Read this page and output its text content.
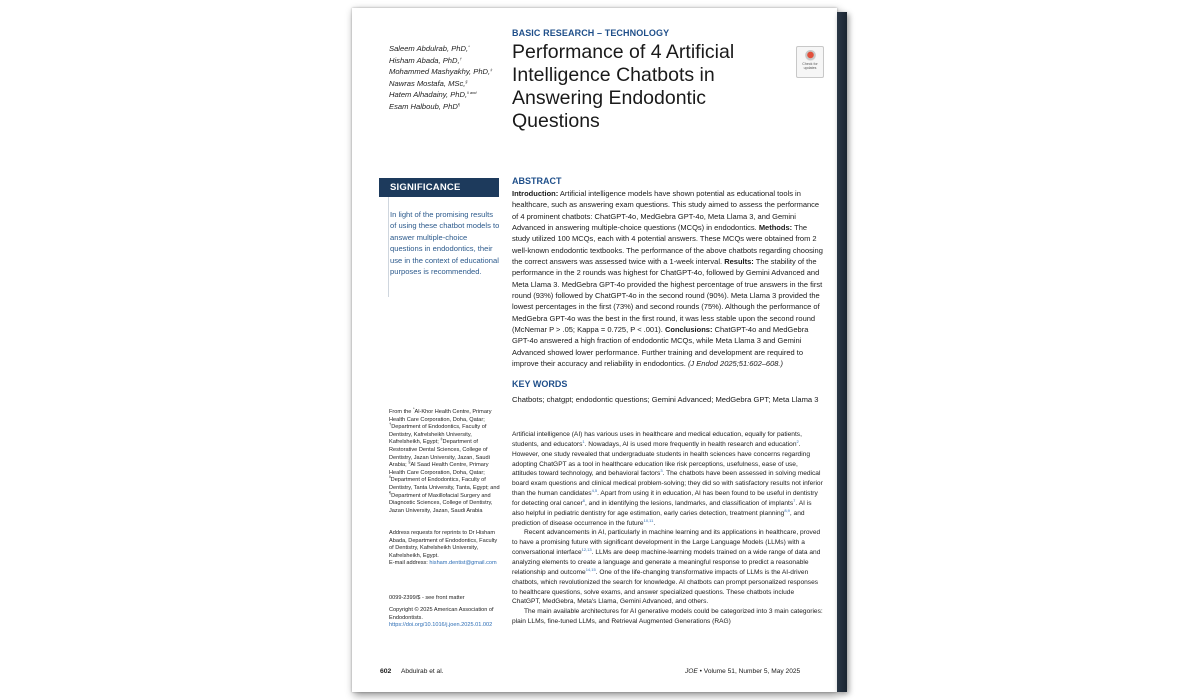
BASIC RESEARCH – TECHNOLOGY
Performance of 4 Artificial Intelligence Chatbots in Answering Endodontic Questions
Saleem Abdulrab, PhD,*
Hisham Abada, PhD,†
Mohammed Mashyakhy, PhD,‡
Nawras Mostafa, MSc,§
Hatem Alhadainy, PhD,$^{‖ and}$
Esam Halboub, PhD¶
Check for updates
SIGNIFICANCE
In light of the promising results of using these chatbot models to answer multiple-choice questions in endodontics, their use in the context of educational purposes is recommended.
ABSTRACT
Introduction: Artificial intelligence models have shown potential as educational tools in healthcare, such as answering exam questions. This study aimed to assess the performance of 4 prominent chatbots: ChatGPT-4o, MedGebra GPT-4o, Meta Llama 3, and Gemini Advanced in answering multiple-choice questions (MCQs) in endodontics. Methods: The study utilized 100 MCQs, each with 4 potential answers. These MCQs were obtained from 2 well-known endodontic textbooks. The performance of the above chatbots regarding choosing the correct answers was assessed twice with a 1-week interval. Results: The stability of the performance in the 2 rounds was highest for ChatGPT-4o, followed by Gemini Advanced and Meta Llama 3. MedGebra GPT-4o provided the highest percentage of true answers in the first round (93%) followed by ChatGPT-4o in the second round (90%). Meta Llama 3 provided the lowest percentages in the first (73%) and second rounds (75%). Although the performance of MedGebra GPT-4o was the best in the first round, it was less stable upon the second round (McNemar P > .05; Kappa = 0.725, P < .001). Conclusions: ChatGPT-4o and MedGebra GPT-4o answered a high fraction of endodontic MCQs, while Meta Llama 3 and Gemini Advanced showed lower performance. Further training and development are required to improve their accuracy and reliability in endodontics. (J Endod 2025;51:602–608.)
KEY WORDS
Chatbots; chatgpt; endodontic questions; Gemini Advanced; MedGebra GPT; Meta Llama 3
From the *Al-Khor Health Centre, Primary Health Care Corporation, Doha, Qatar; †Department of Endodontics, Faculty of Dentistry, Kafrelsheikh University, Kafrelsheikh, Egypt; ‡Department of Restorative Dental Sciences, College of Dentistry, Jazan University, Jazan, Saudi Arabia; §Al Saad Health Centre, Primary Health Care Corporation, Doha, Qatar; ‖Department of Endodontics, Faculty of Dentistry, Tanta University, Tanta, Egypt; and ¶Department of Maxillofacial Surgery and Diagnostic Sciences, College of Dentistry, Jazan University, Jazan, Saudi Arabia
Address requests for reprints to Dr Hisham Abada, Department of Endodontics, Faculty of Dentistry, Kafrelsheikh University, Kafrelsheikh, Egypt.
E-mail address: hisham.dentist@gmail.com
0099-2399/$ - see front matter
Copyright © 2025 American Association of Endodontists.
https://doi.org/10.1016/j.joen.2025.01.002

Artificial intelligence (AI) has various uses in healthcare and medical education, equally for patients, students, and educators$^1$. Nowadays, AI is used more frequently in health research and education$^2$. However, one study revealed that undergraduate students in health sciences have concerns regarding adopting ChatGPT as a tool in healthcare education like risk perceptions, usefulness, ease of use, attitudes toward technology, and behavioral factors$^3$. The chatbots have been assessed in solving medical board exam questions and clinical medical problem-solving; they did so with satisfactory results not inferior than the human candidates$^{4,5}$. Apart from using it in education, AI has been found to be useful in dentistry for detecting oral cancer$^6$, and in identifying the lesions, landmarks, and classification of implants$^7$. AI is also helpful in pediatric dentistry for age estimation, early caries detection, treatment planning$^{8,9}$, and prediction of disease occurrence in the future$^{10,11}$.

Recent advancements in AI, particularly in machine learning and its applications in healthcare, proved to have a promising future with significant development in the Large Language Models (LLMs) with a conversational interface$^{12,13}$. LLMs are deep machine-learning models trained on a wide range of data and analyzing elements to create a language and generate a meaningful response to predict a reasonable relationship and outcome$^{14,15}$. One of the life-changing transformative impacts of LLMs is the AI-driven chatbots, which revolutionized the search for knowledge. AI chatbots can prompt personalized responses to healthcare questions, solve exams, and answer specialized questions. These chatbots include ChatGPT, MedGebra, Meta's Llama, Gemini Advanced, and others.

The main available architectures for AI generative models could be categorized into 3 main categories: plain LLMs, fine-tuned LLMs, and Retrieval Augmented Generations (RAG)

602 Abdulrab et al.	JOE • Volume 51, Number 5, May 2025
